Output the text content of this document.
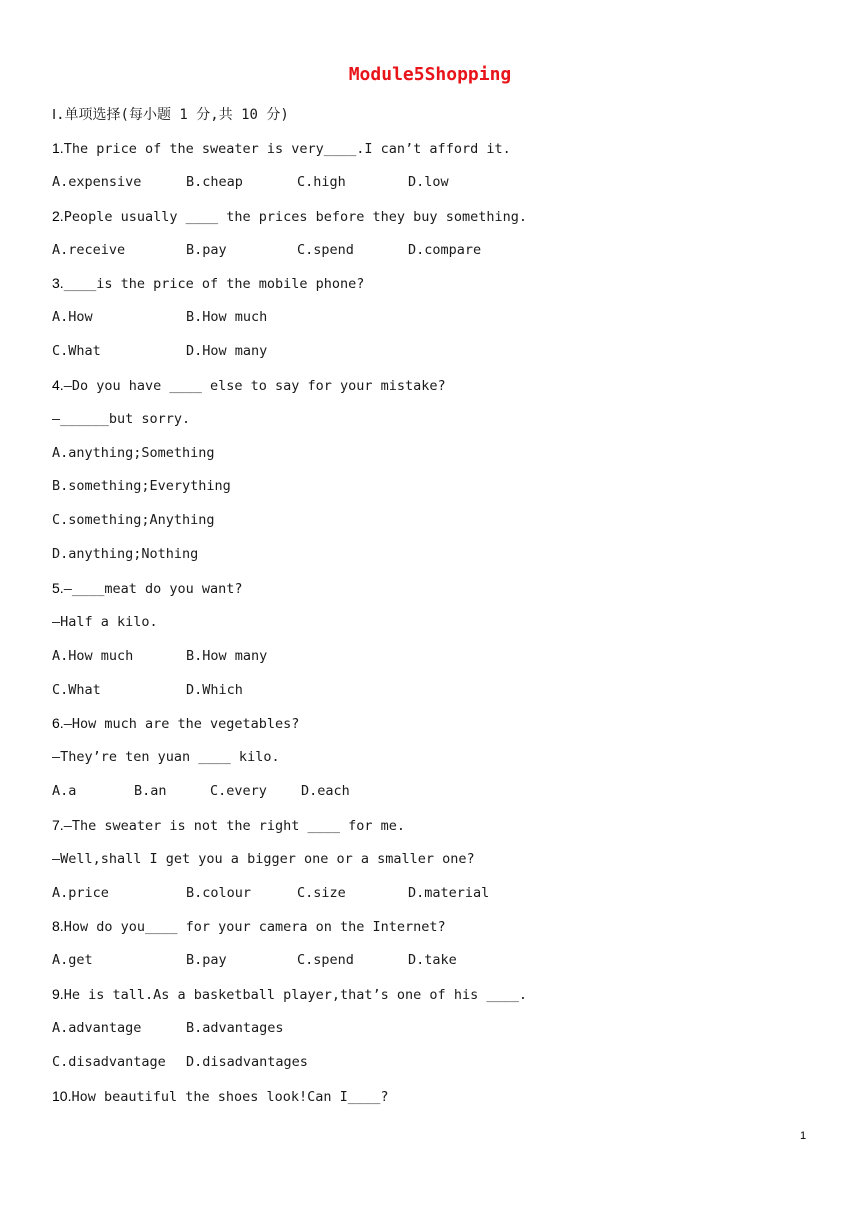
Module5Shopping
Ⅰ.单项选择(每小题 1 分,共 10 分)
1.The price of the sweater is very____.I can’t afford it.
A.expensive	B.cheap	C.high	D.low
2.People usually ____ the prices before they buy something.
A.receive	B.pay	C.spend	D.compare
3.____is the price of the mobile phone?
A.How	B.How much
C.What	D.How many
4.—Do you have ____ else to say for your mistake?
—______but sorry.
A.anything;Something
B.something;Everything
C.something;Anything
D.anything;Nothing
5.—____meat do you want?
—Half a kilo.
A.How much	B.How many
C.What	D.Which
6.—How much are the vegetables?
—They’re ten yuan ____ kilo.
A.a	B.an	C.every	D.each
7.—The sweater is not the right ____ for me.
—Well,shall I get you a bigger one or a smaller one?
A.price	B.colour	C.size	D.material
8.How do you____ for your camera on the Internet?
A.get	B.pay	C.spend	D.take
9.He is tall.As a basketball player,that’s one of his ____.
A.advantage	B.advantages
C.disadvantage D.disadvantages
10.How beautiful the shoes look!Can I____?
1
